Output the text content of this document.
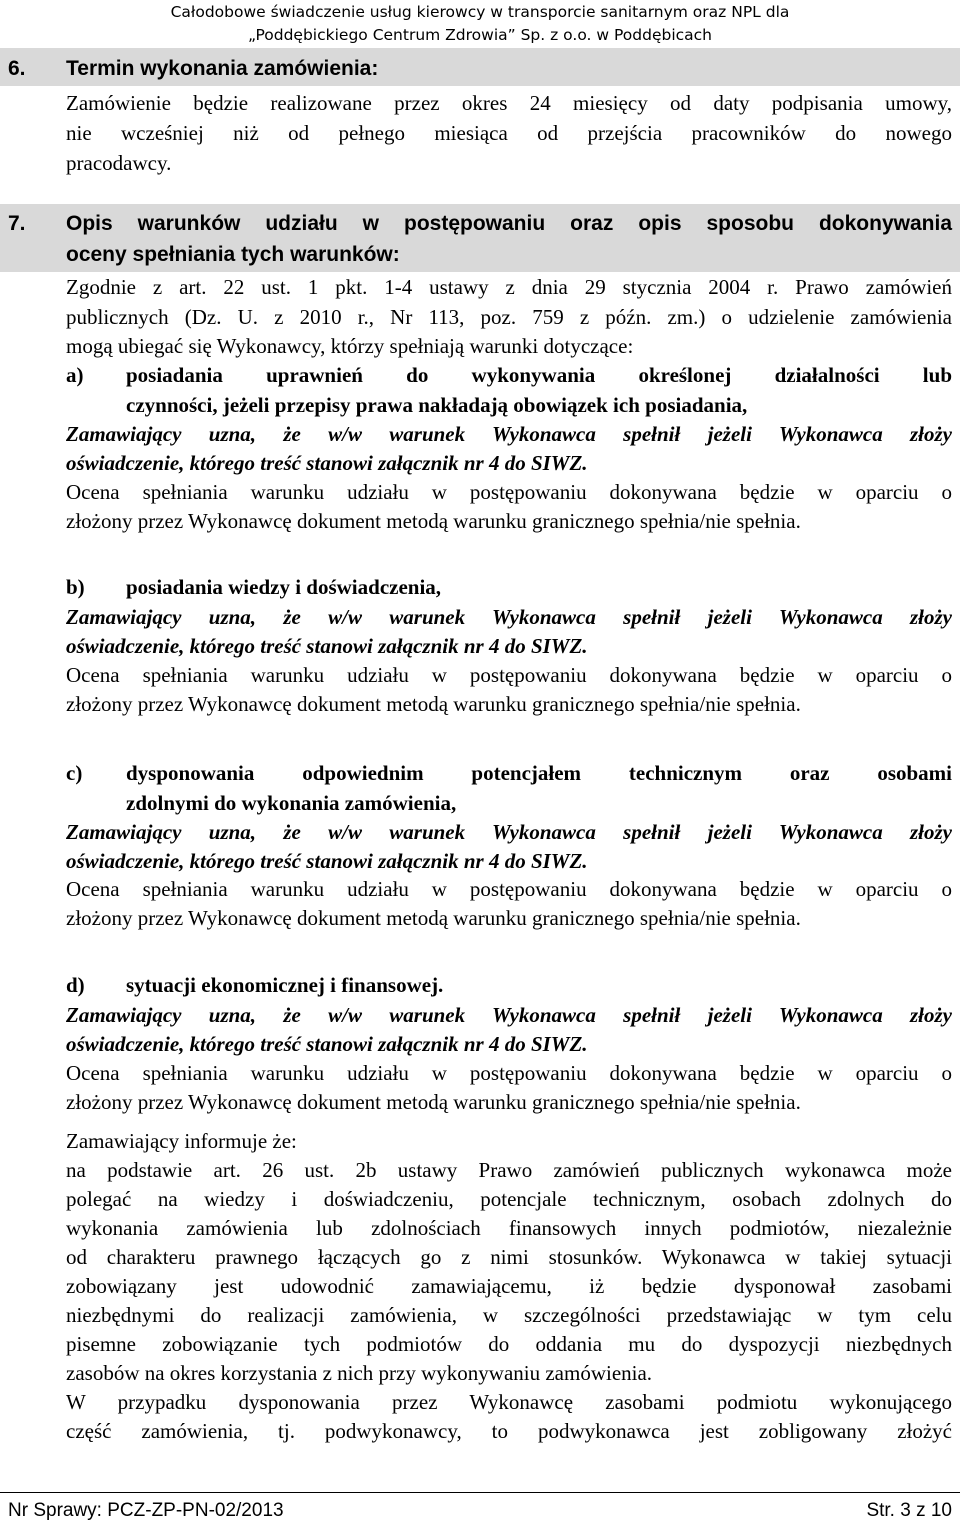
Całodobowe świadczenie usług kierowcy w transporcie sanitarnym oraz NPL dla
„Poddębickiego Centrum Zdrowia” Sp. z o.o. w Poddębicach
6. Termin wykonania zamówienia:
Zamówienie będzie realizowane przez okres 24 miesięcy od daty podpisania umowy,
nie wcześniej niż od pełnego miesiąca od przejścia pracowników do nowego
pracodawcy.
7. Opis warunków udziału w postępowaniu oraz opis sposobu dokonywania
oceny spełniania tych warunków:
Zgodnie z art. 22 ust. 1 pkt. 1-4 ustawy z dnia 29 stycznia 2004 r. Prawo zamówień
publicznych (Dz. U. z 2010 r., Nr 113, poz. 759 z późn. zm.) o udzielenie zamówienia
mogą ubiegać się Wykonawcy, którzy spełniają warunki dotyczące:
a) posiadania uprawnień do wykonywania określonej działalności lub
czynności, jeżeli przepisy prawa nakładają obowiązek ich posiadania,
Zamawiający uzna, że w/w warunek Wykonawca spełnił jeżeli Wykonawca złoży
oświadczenie, którego treść stanowi załącznik nr 4 do SIWZ.
Ocena spełniania warunku udziału w postępowaniu dokonywana będzie w oparciu o
złożony przez Wykonawcę dokument metodą warunku granicznego spełnia/nie spełnia.
b) posiadania wiedzy i doświadczenia,
Zamawiający uzna, że w/w warunek Wykonawca spełnił jeżeli Wykonawca złoży
oświadczenie, którego treść stanowi załącznik nr 4 do SIWZ.
Ocena spełniania warunku udziału w postępowaniu dokonywana będzie w oparciu o
złożony przez Wykonawcę dokument metodą warunku granicznego spełnia/nie spełnia.
c) dysponowania odpowiednim potencjałem technicznym oraz osobami
zdolnymi do wykonania zamówienia,
Zamawiający uzna, że w/w warunek Wykonawca spełnił jeżeli Wykonawca złoży
oświadczenie, którego treść stanowi załącznik nr 4 do SIWZ.
Ocena spełniania warunku udziału w postępowaniu dokonywana będzie w oparciu o
złożony przez Wykonawcę dokument metodą warunku granicznego spełnia/nie spełnia.
d) sytuacji ekonomicznej i finansowej.
Zamawiający uzna, że w/w warunek Wykonawca spełnił jeżeli Wykonawca złoży
oświadczenie, którego treść stanowi załącznik nr 4 do SIWZ.
Ocena spełniania warunku udziału w postępowaniu dokonywana będzie w oparciu o
złożony przez Wykonawcę dokument metodą warunku granicznego spełnia/nie spełnia.
Zamawiający informuje że:
na podstawie art. 26 ust. 2b ustawy Prawo zamówień publicznych wykonawca może
polegać na wiedzy i doświadczeniu, potencjale technicznym, osobach zdolnych do
wykonania zamówienia lub zdolnościach finansowych innych podmiotów, niezależnie
od charakteru prawnego łączących go z nimi stosunków. Wykonawca w takiej sytuacji
zobowiązany jest udowodnić zamawiającemu, iż będzie dysponował zasobami
niezbędnymi do realizacji zamówienia, w szczególności przedstawiając w tym celu
pisemne zobowiązanie tych podmiotów do oddania mu do dyspozycji niezbędnych
zasobów na okres korzystania z nich przy wykonywaniu zamówienia.
W przypadku dysponowania przez Wykonawcę zasobami podmiotu wykonującego
część zamówienia, tj. podwykonawcy, to podwykonawca jest zobligowany złożyć
Nr Sprawy: PCZ-ZP-PN-02/2013	Str. 3 z 10
